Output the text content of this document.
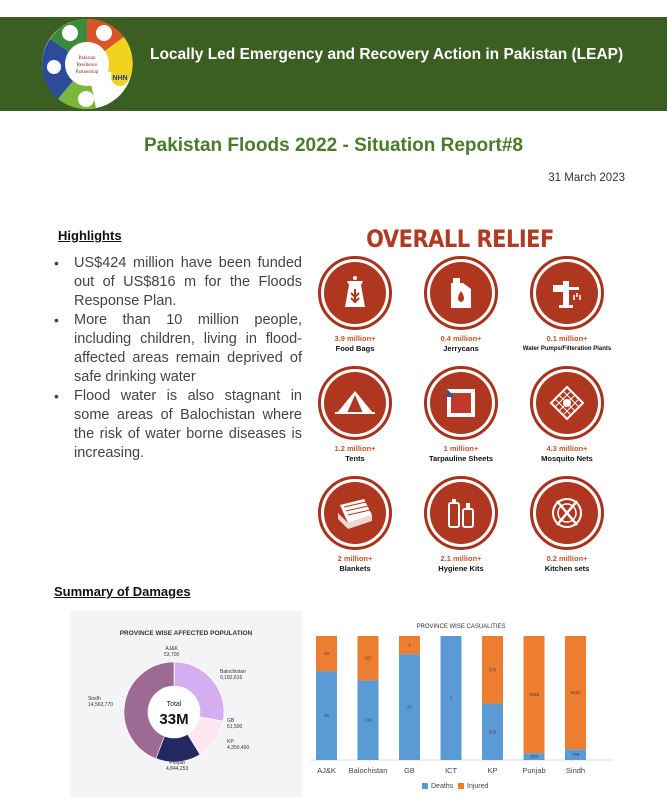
Pakistan
Resilience
Partnership
NHN
Locally Led Emergency and Recovery Action in Pakistan (LEAP)
Pakistan Floods 2022 - Situation Report#8
31 March 2023
Highlights
• US$424 million have been funded out of US$816 m for the Floods Response Plan.
• More than 10 million people, including children, living in flood-affected areas remain deprived of safe drinking water
• Flood water is also stagnant in some areas of Balochistan where the risk of water borne diseases is increasing.
OVERALL RELIEF
3.9 million+
Food Bags
0.4 million+
Jerrycans
0.1 million+
Water Pumps/Filteration Plants
1.2 million+
Tents
1 million+
Tarpauline Sheets
4.3 million+
Mosquito Nets
2 million+
Blankets
2.1 million+
Hygiene Kits
0.2 million+
Kitchen sets
Summary of Damages
PROVINCE WISE AFFECTED POPULATION
Total
33M
AJ&K
53,700
Balochistan
9,182,616
GB
51,500
KP
4,350,490
Punjab
4,844,253
Sindh
14,563,770
PROVINCE WISE CASUALITIES
19
48
AJ&K
187
336
Balochistan
4
23
GB
3
ICT
370
309
KP
3858
223
Punjab
8422
799
Sindh
Deaths Injured
